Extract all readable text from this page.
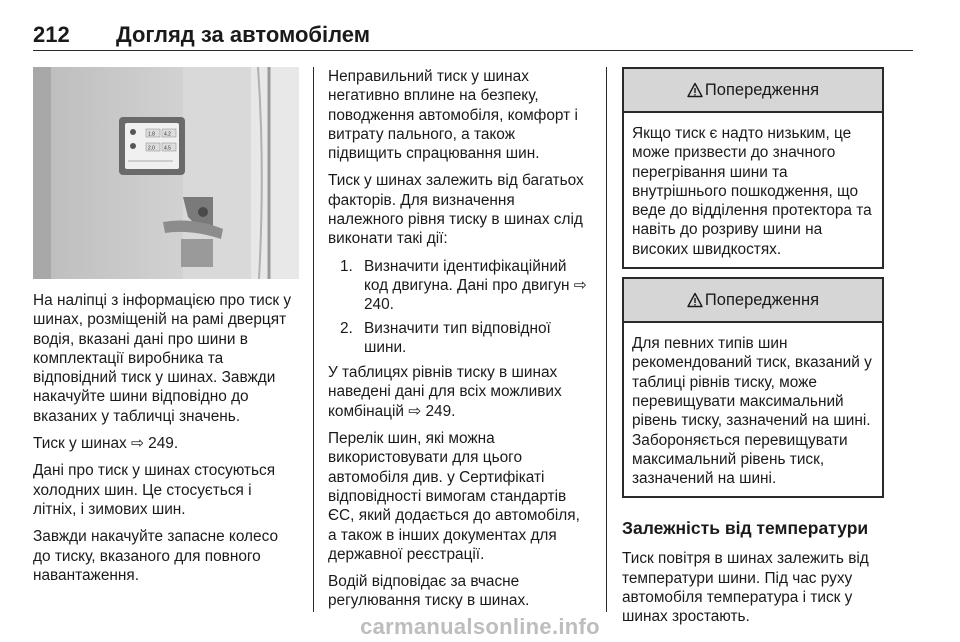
212 Догляд за автомобілем
1.8 4.2
2.0 4.5

На наліпці з інформацією про тиск у шинах, розміщеній на рамі дверцят водія, вказані дані про шини в комплектації виробника та відповідний тиск у шинах. Завжди накачуйте шини відповідно до вказаних у табличці значень.

Тиск у шинах ⇨ 249.

Дані про тиск у шинах стосуються холодних шин. Це стосується і літніх, і зимових шин.

Завжди накачуйте запасне колесо до тиску, вказаного для повного навантаження.

Неправильний тиск у шинах негативно вплине на безпеку, поводження автомобіля, комфорт і витрату пального, а також підвищить спрацювання шин.

Тиск у шинах залежить від багатьох факторів. Для визначення належного рівня тиску в шинах слід виконати такі дії:

1. Визначити ідентифікаційний код двигуна. Дані про двигун ⇨ 240.
2. Визначити тип відповідної шини.

У таблицях рівнів тиску в шинах наведені дані для всіх можливих комбінацій ⇨ 249.

Перелік шин, які можна використовувати для цього автомобіля див. у Сертифікаті відповідності вимогам стандартів ЄС, який додається до автомобіля, а також в інших документах для державної реєстрації.

Водій відповідає за вчасне регулювання тиску в шинах.

Попередження
Якщо тиск є надто низьким, це може призвести до значного перегрівання шини та внутрішнього пошкодження, що веде до відділення протектора та навіть до розриву шини на високих швидкостях.
Попередження
Для певних типів шин рекомендований тиск, вказаний у таблиці рівнів тиску, може перевищувати максимальний рівень тиску, зазначений на шині. Забороняється перевищувати максимальний рівень тиск, зазначений на шині.
Залежність від температури

Тиск повітря в шинах залежить від температури шини. Під час руху автомобіля температура і тиск у шинах зростають.

carmanualsonline.info
